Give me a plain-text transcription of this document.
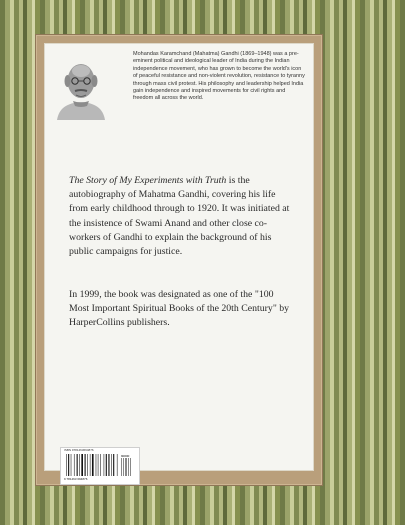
Mohandas Karamchand (Mahatma) Gandhi (1869–1948) was a pre-eminent political and ideological leader of India during the Indian independence movement, who has grown to become the world's icon of peaceful resistance and non-violent revolution, resistance to tyranny through mass civil protest. His philosophy and leadership helped India gain independence and inspired movements for civil rights and freedom all across the world.

The Story of My Experiments with Truth is the autobiography of Mahatma Gandhi, covering his life from early childhood through to 1920. It was initiated at the insistence of Swami Anand and other close co-workers of Gandhi to explain the background of his public campaigns for justice.

In 1999, the book was designated as one of the "100 Most Important Spiritual Books of the 20th Century" by HarperCollins publishers.

ISBN 9781463694876

90000

9 781463 694876
